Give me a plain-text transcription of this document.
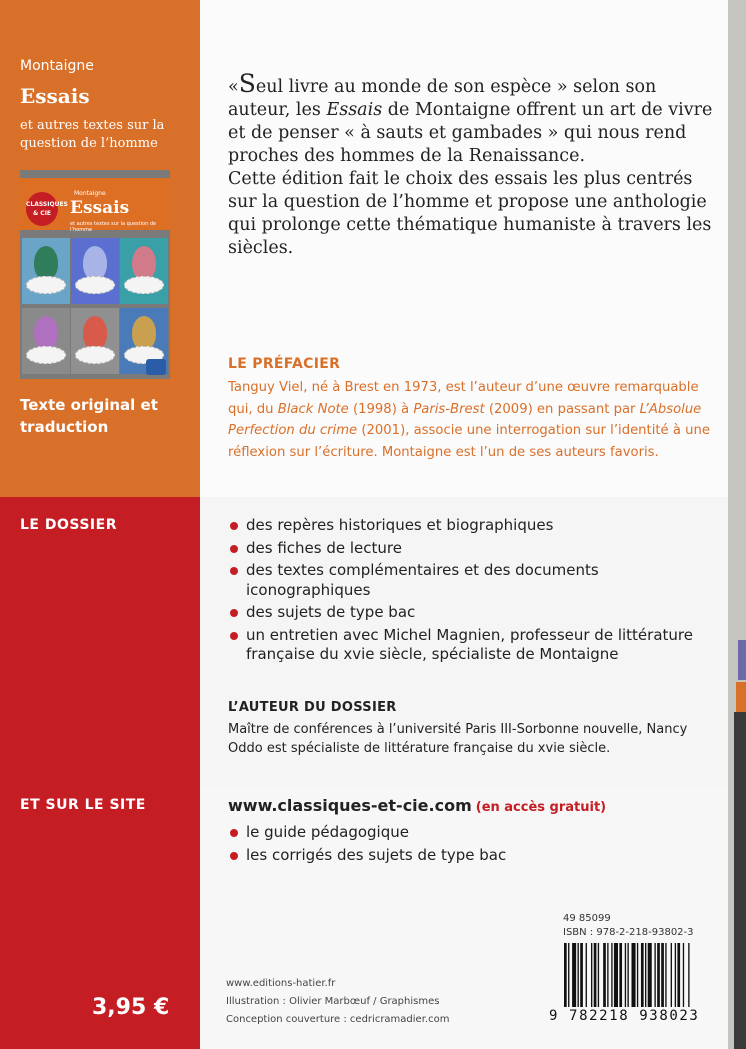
Montaigne
Essais
et autres textes sur la question de l’homme
CLASSIQUES & CIE
Montaigne
Essais
et autres textes sur la question de l’homme
Texte original et traduction
LE DOSSIER
ET SUR LE SITE
3,95 €

«Seul livre au monde de son espèce » selon son auteur, les Essais de Montaigne offrent un art de vivre et de penser « à sauts et gambades » qui nous rend proches des hommes de la Renaissance.

Cette édition fait le choix des essais les plus centrés sur la question de l’homme et propose une anthologie qui prolonge cette thématique humaniste à travers les siècles.

LE PRÉFACIER
Tanguy Viel, né à Brest en 1973, est l’auteur d’une œuvre remarquable qui, du Black Note (1998) à Paris-Brest (2009) en passant par L’Absolue Perfection du crime (2001), associe une interrogation sur l’identité à une réflexion sur l’écriture. Montaigne est l’un de ses auteurs favoris.
des repères historiques et biographiques
des fiches de lecture
des textes complémentaires et des documents iconographiques
des sujets de type bac
un entretien avec Michel Magnien, professeur de littérature française du xvie siècle, spécialiste de Montaigne
L’AUTEUR DU DOSSIER
Maître de conférences à l’université Paris III-Sorbonne nouvelle, Nancy Oddo est spécialiste de littérature française du xvie siècle.
www.classiques-et-cie.com (en accès gratuit)
le guide pédagogique
les corrigés des sujets de type bac
49 85099
ISBN : 978-2-218-93802-3
9 782218 938023
www.editions-hatier.fr
Illustration : Olivier Marbœuf / Graphismes
Conception couverture : cedricramadier.com
